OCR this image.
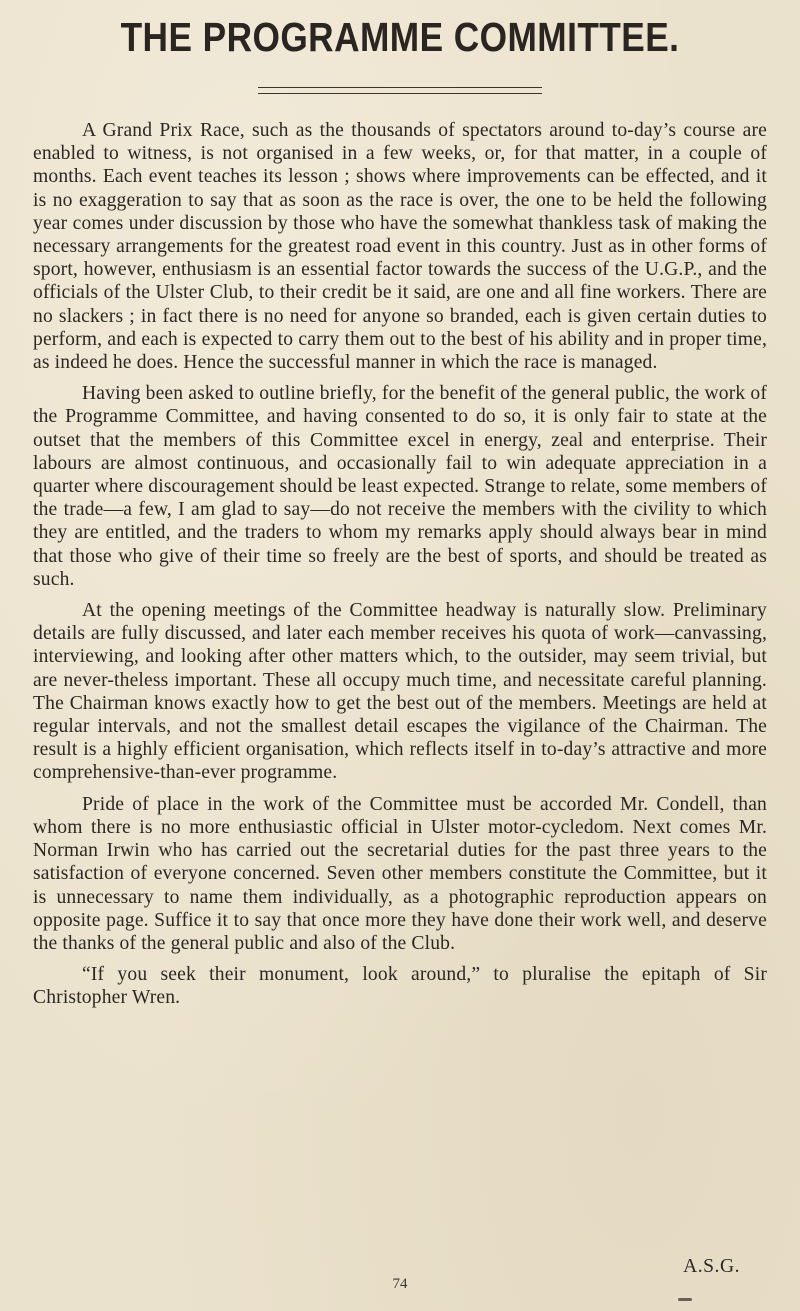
THE PROGRAMME COMMITTEE.

A Grand Prix Race, such as the thousands of spectators around to-day’s course are enabled to witness, is not organised in a few weeks, or, for that matter, in a couple of months. Each event teaches its lesson ; shows where improvements can be effected, and it is no exaggeration to say that as soon as the race is over, the one to be held the following year comes under discussion by those who have the somewhat thankless task of making the necessary arrangements for the greatest road event in this country. Just as in other forms of sport, however, enthusiasm is an essential factor towards the success of the U.G.P., and the officials of the Ulster Club, to their credit be it said, are one and all fine workers. There are no slackers ; in fact there is no need for anyone so branded, each is given certain duties to perform, and each is expected to carry them out to the best of his ability and in proper time, as indeed he does. Hence the successful manner in which the race is managed.

Having been asked to outline briefly, for the benefit of the general public, the work of the Programme Committee, and having consented to do so, it is only fair to state at the outset that the members of this Committee excel in energy, zeal and enterprise. Their labours are almost continuous, and occasionally fail to win adequate appreciation in a quarter where discouragement should be least expected. Strange to relate, some members of the trade—a few, I am glad to say—do not receive the members with the civility to which they are entitled, and the traders to whom my remarks apply should always bear in mind that those who give of their time so freely are the best of sports, and should be treated as such.

At the opening meetings of the Committee headway is naturally slow. Preliminary details are fully discussed, and later each member receives his quota of work—canvassing, interviewing, and looking after other matters which, to the outsider, may seem trivial, but are never-theless important. These all occupy much time, and necessitate careful planning. The Chairman knows exactly how to get the best out of the members. Meetings are held at regular intervals, and not the smallest detail escapes the vigilance of the Chairman. The result is a highly efficient organisation, which reflects itself in to-day’s attractive and more comprehensive-than-ever programme.

Pride of place in the work of the Committee must be accorded Mr. Condell, than whom there is no more enthusiastic official in Ulster motor-cycledom. Next comes Mr. Norman Irwin who has carried out the secretarial duties for the past three years to the satisfaction of everyone concerned. Seven other members constitute the Committee, but it is unnecessary to name them individually, as a photographic reproduction appears on opposite page. Suffice it to say that once more they have done their work well, and deserve the thanks of the general public and also of the Club.

“If you seek their monument, look around,” to pluralise the epitaph of Sir Christopher Wren.

A.S.G.
74
